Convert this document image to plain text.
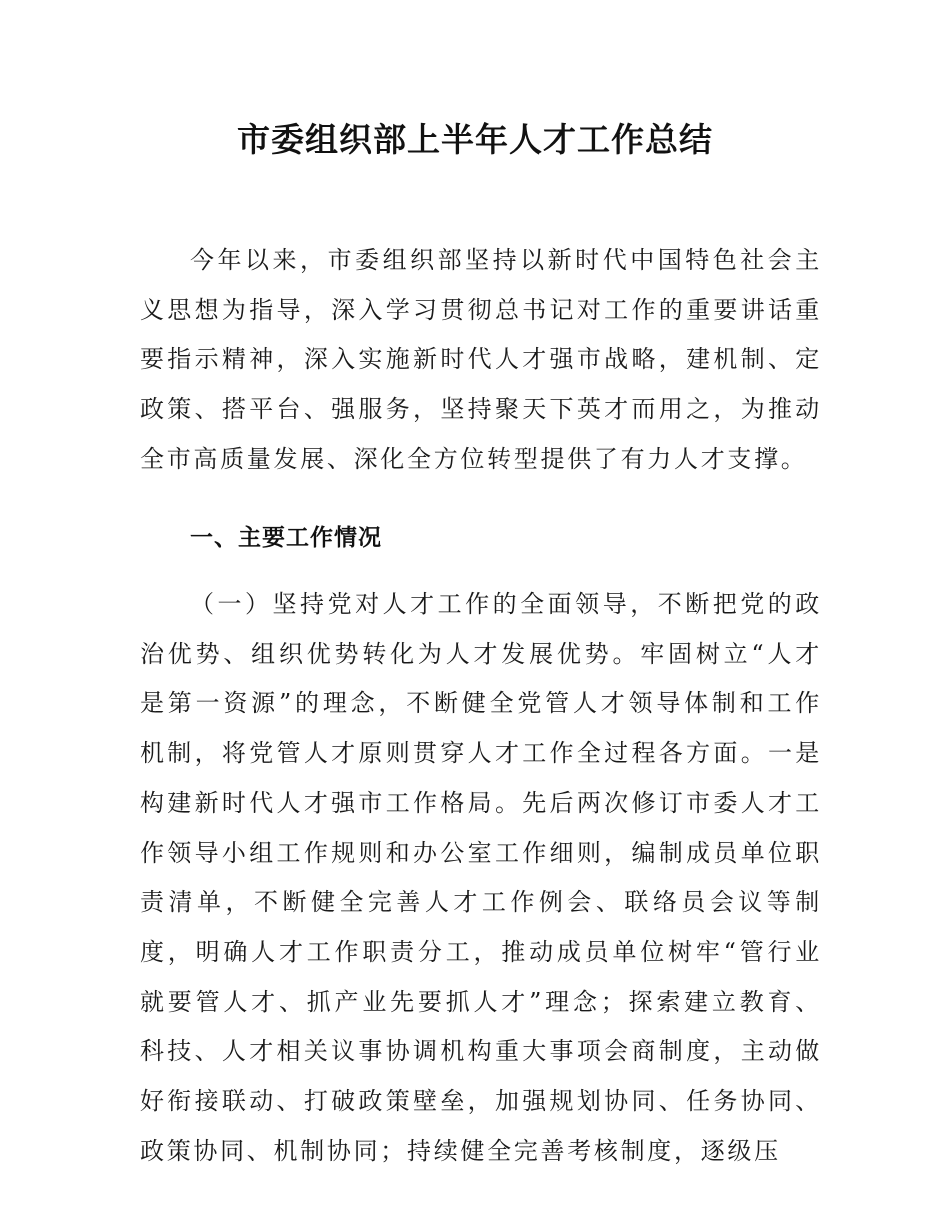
市委组织部上半年人才工作总结

今年以来，市委组织部坚持以新时代中国特色社会主义思想为指导，深入学习贯彻总书记对工作的重要讲话重要指示精神，深入实施新时代人才强市战略，建机制、定政策、搭平台、强服务，坚持聚天下英才而用之，为推动全市高质量发展、深化全方位转型提供了有力人才支撑。

一、主要工作情况

（一）坚持党对人才工作的全面领导，不断把党的政治优势、组织优势转化为人才发展优势。牢固树立“人才是第一资源”的理念，不断健全党管人才领导体制和工作机制，将党管人才原则贯穿人才工作全过程各方面。一是构建新时代人才强市工作格局。先后两次修订市委人才工作领导小组工作规则和办公室工作细则，编制成员单位职责清单，不断健全完善人才工作例会、联络员会议等制度，明确人才工作职责分工，推动成员单位树牢“管行业就要管人才、抓产业先要抓人才”理念；探索建立教育、科技、人才相关议事协调机构重大事项会商制度，主动做好衔接联动、打破政策壁垒，加强规划协同、任务协同、政策协同、机制协同；持续健全完善考核制度，逐级压
